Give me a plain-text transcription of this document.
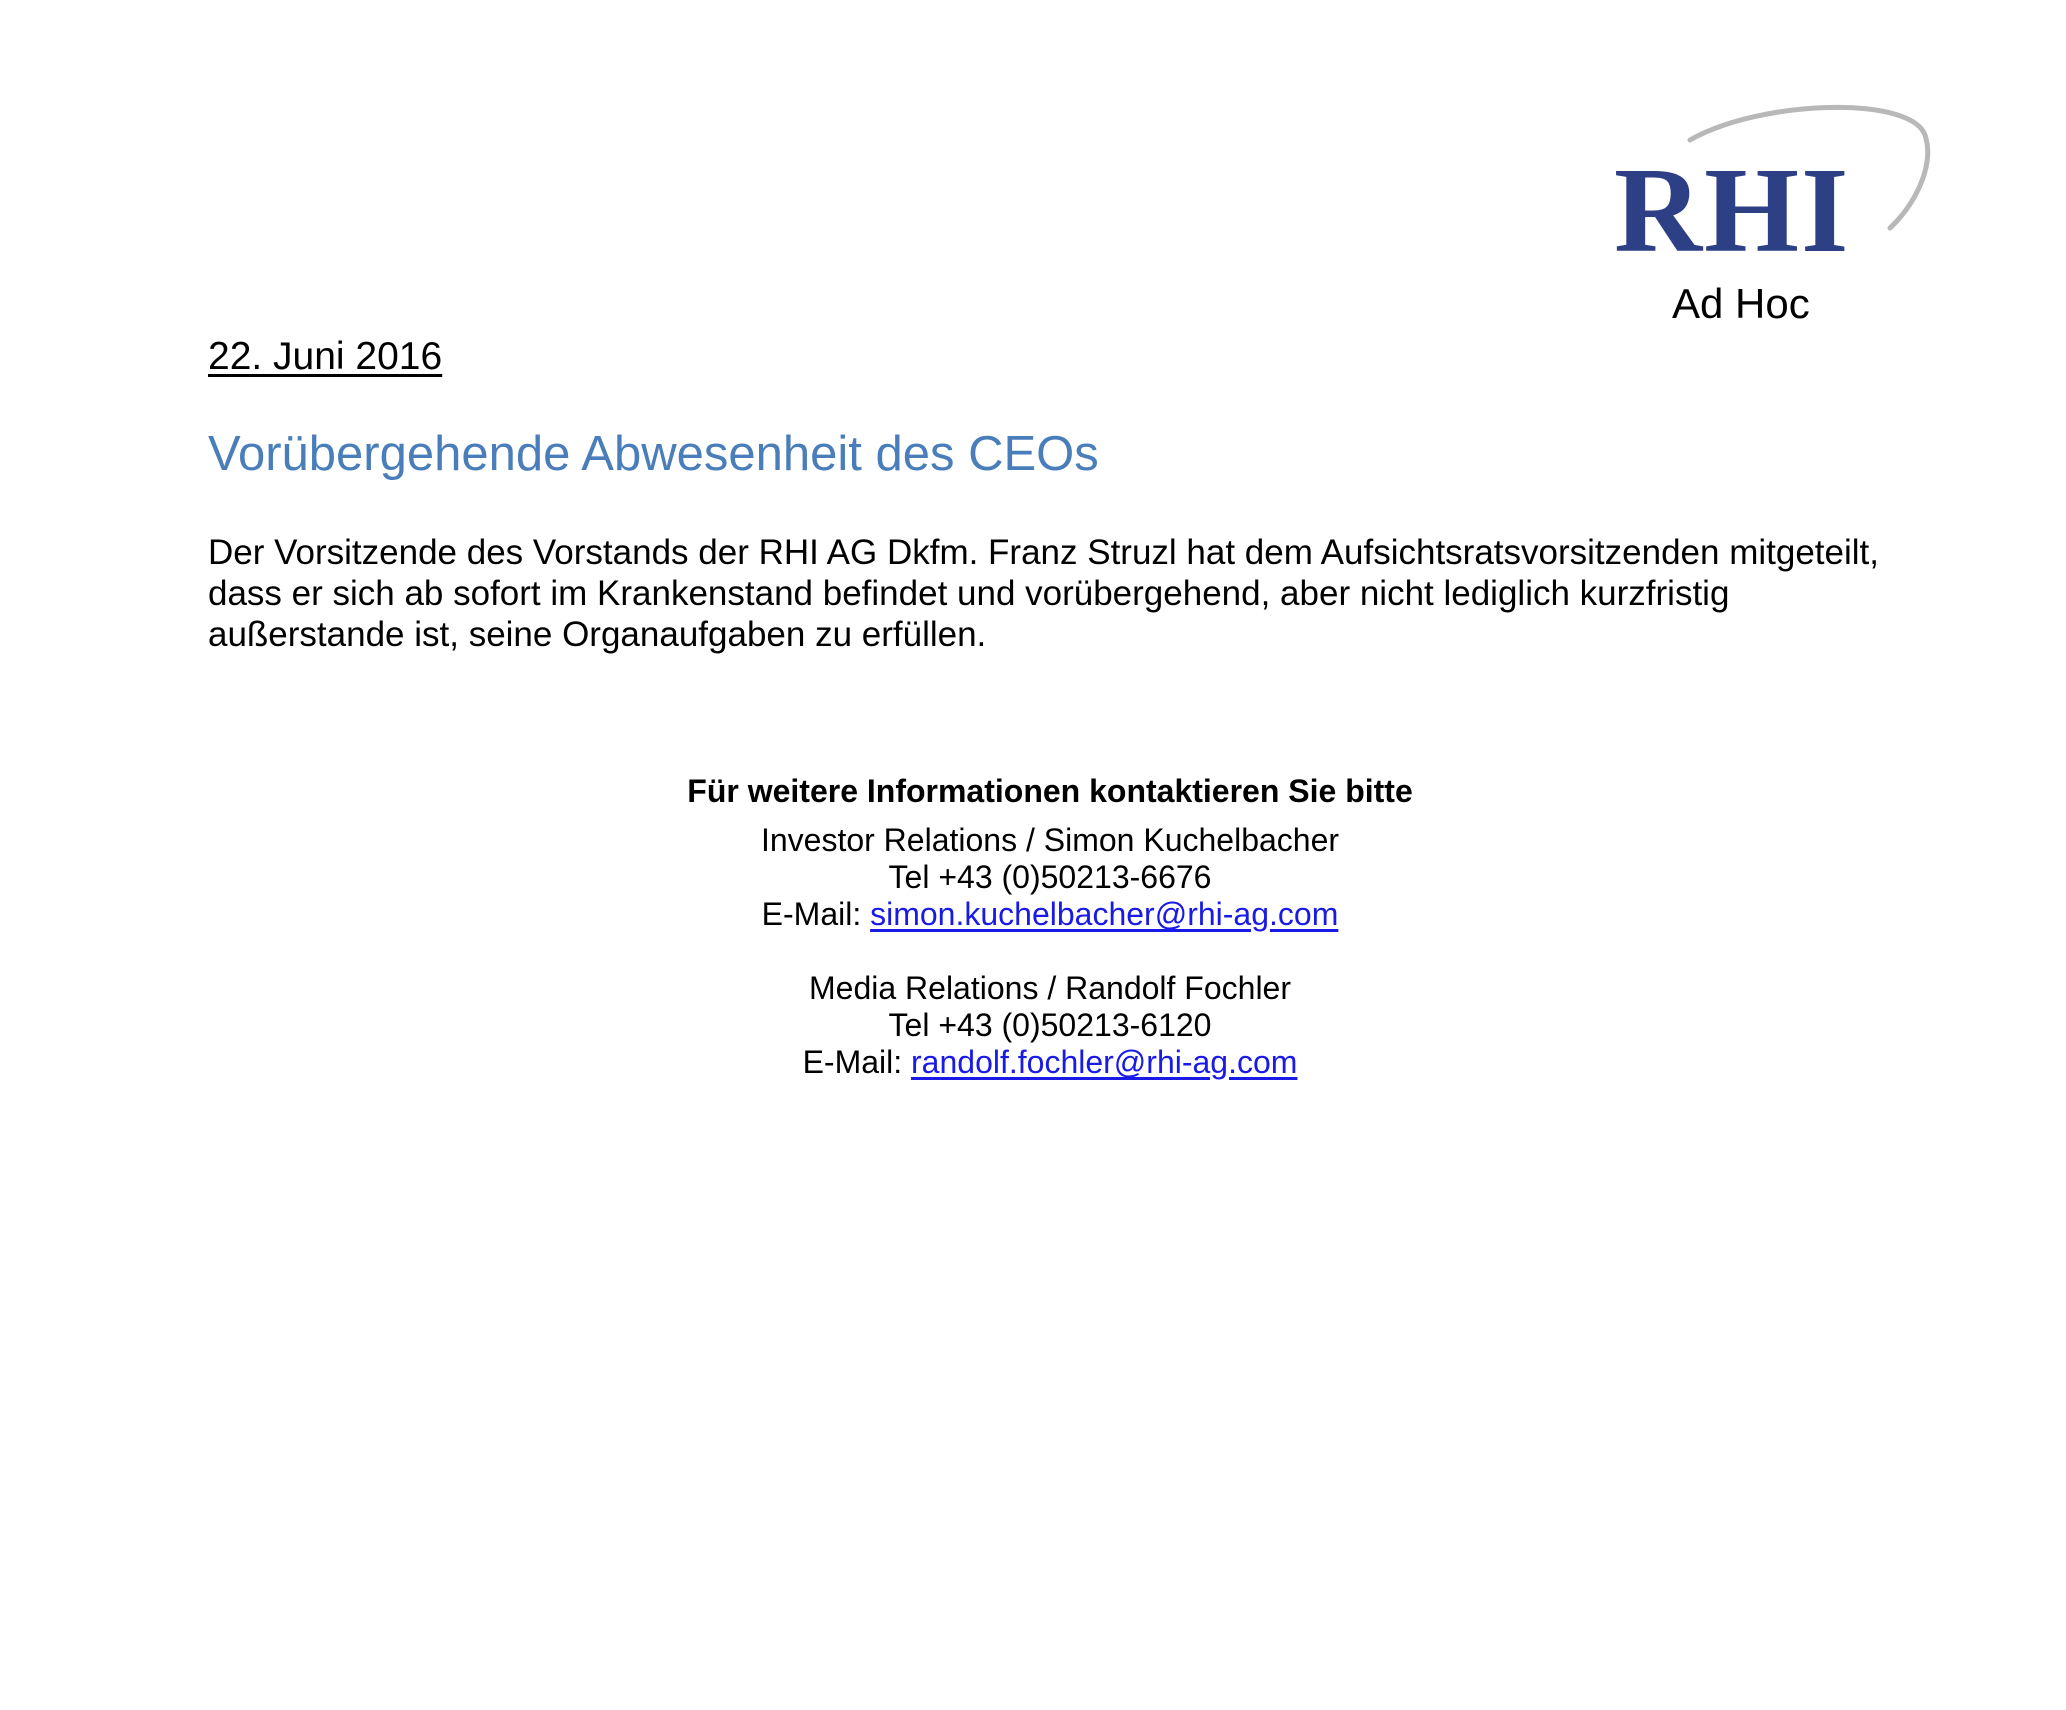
RHI
Ad Hoc
22. Juni 2016
Vorübergehende Abwesenheit des CEOs

Der Vorsitzende des Vorstands der RHI AG Dkfm. Franz Struzl hat dem Aufsichtsratsvorsitzenden mitgeteilt, dass er sich ab sofort im Krankenstand befindet und vorübergehend, aber nicht lediglich kurzfristig außerstande ist, seine Organaufgaben zu erfüllen.

Für weitere Informationen kontaktieren Sie bitte
Investor Relations / Simon Kuchelbacher
Tel +43 (0)50213-6676
E-Mail: simon.kuchelbacher@rhi-ag.com
Media Relations / Randolf Fochler
Tel +43 (0)50213-6120
E-Mail: randolf.fochler@rhi-ag.com
